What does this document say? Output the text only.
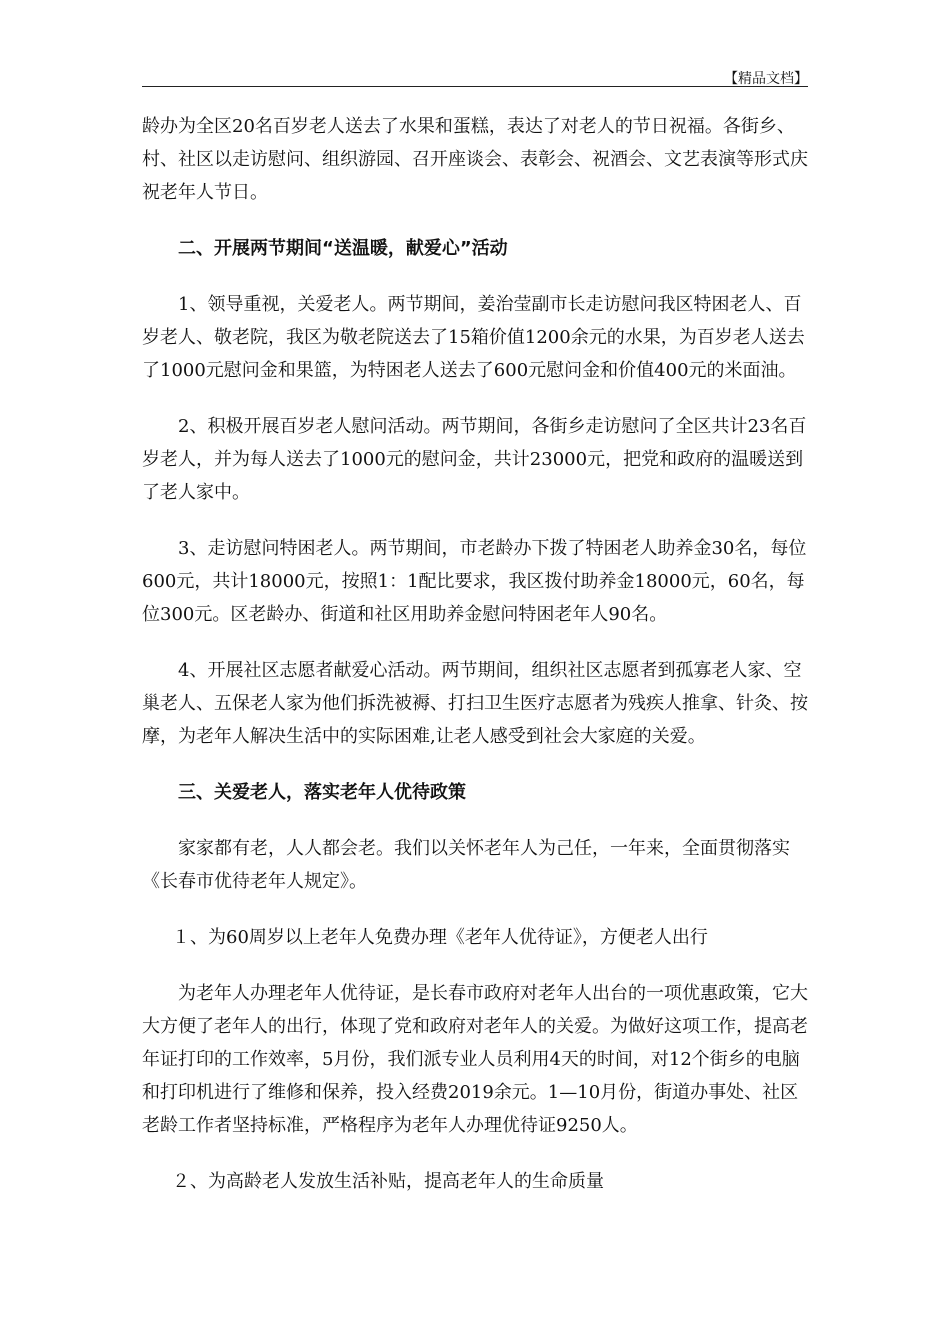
【精品文档】

龄办为全区20名百岁老人送去了水果和蛋糕，表达了对老人的节日祝福。各街乡、村、社区以走访慰问、组织游园、召开座谈会、表彰会、祝酒会、文艺表演等形式庆祝老年人节日。

二、开展两节期间“送温暖，献爱心”活动

1、领导重视，关爱老人。两节期间，姜治莹副市长走访慰问我区特困老人、百岁老人、敬老院，我区为敬老院送去了15箱价值1200余元的水果，为百岁老人送去了1000元慰问金和果篮，为特困老人送去了600元慰问金和价值400元的米面油。

2、积极开展百岁老人慰问活动。两节期间，各街乡走访慰问了全区共计23名百岁老人，并为每人送去了1000元的慰问金，共计23000元，把党和政府的温暖送到了老人家中。

3、走访慰问特困老人。两节期间，市老龄办下拨了特困老人助养金30名，每位600元，共计18000元，按照1：1配比要求，我区拨付助养金18000元，60名，每位300元。区老龄办、街道和社区用助养金慰问特困老年人90名。

4、开展社区志愿者献爱心活动。两节期间，组织社区志愿者到孤寡老人家、空巢老人、五保老人家为他们拆洗被褥、打扫卫生医疗志愿者为残疾人推拿、针灸、按摩，为老年人解决生活中的实际困难,让老人感受到社会大家庭的关爱。

三、关爱老人，落实老年人优待政策

家家都有老，人人都会老。我们以关怀老年人为己任，一年来，全面贯彻落实《长春市优待老年人规定》。

１、为60周岁以上老年人免费办理《老年人优待证》，方便老人出行

为老年人办理老年人优待证，是长春市政府对老年人出台的一项优惠政策，它大大方便了老年人的出行，体现了党和政府对老年人的关爱。为做好这项工作，提高老年证打印的工作效率，5月份，我们派专业人员利用4天的时间，对12个街乡的电脑和打印机进行了维修和保养，投入经费2019余元。1—10月份，街道办事处、社区老龄工作者坚持标准，严格程序为老年人办理优待证9250人。

２、为高龄老人发放生活补贴，提高老年人的生命质量
